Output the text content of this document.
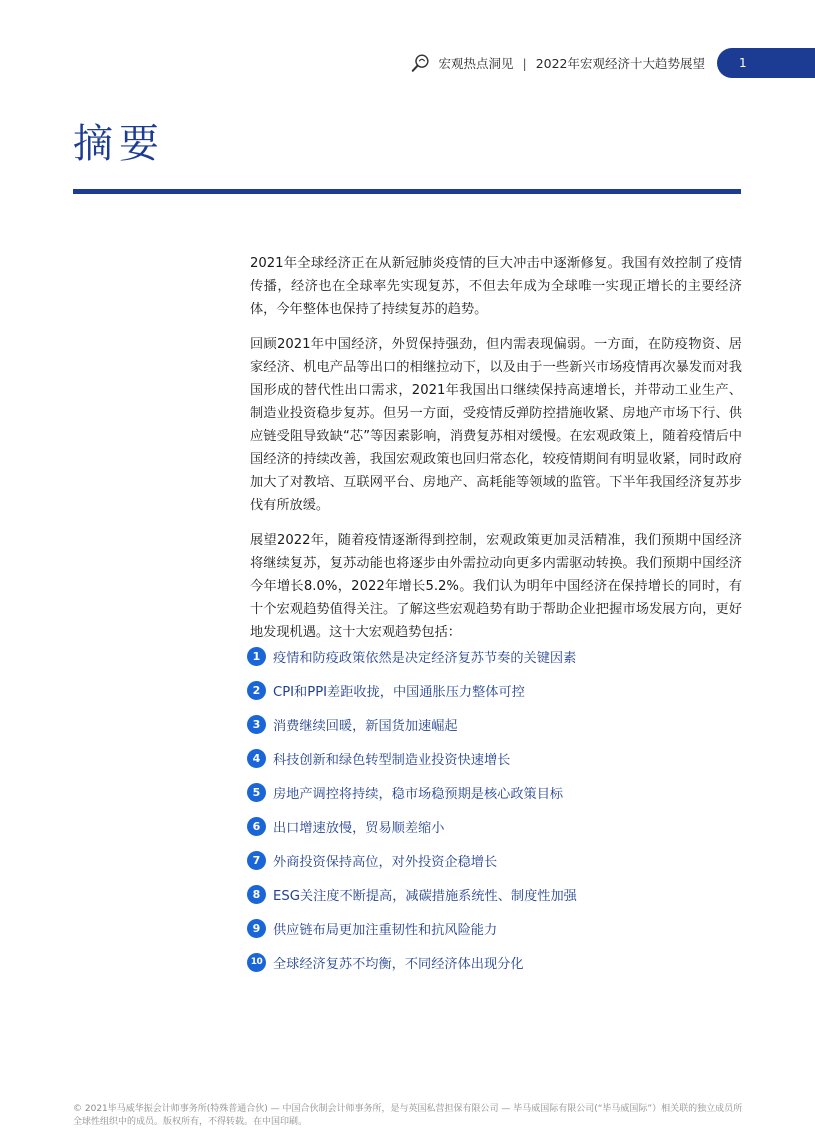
宏观热点洞见 | 2022年宏观经济十大趋势展望	1
摘要

2021年全球经济正在从新冠肺炎疫情的巨大冲击中逐渐修复。我国有效控制了疫情传播，经济也在全球率先实现复苏，不但去年成为全球唯一实现正增长的主要经济体，今年整体也保持了持续复苏的趋势。

回顾2021年中国经济，外贸保持强劲，但内需表现偏弱。一方面，在防疫物资、居家经济、机电产品等出口的相继拉动下，以及由于一些新兴市场疫情再次暴发而对我国形成的替代性出口需求，2021年我国出口继续保持高速增长，并带动工业生产、制造业投资稳步复苏。但另一方面，受疫情反弹防控措施收紧、房地产市场下行、供应链受阻导致缺“芯”等因素影响，消费复苏相对缓慢。在宏观政策上，随着疫情后中国经济的持续改善，我国宏观政策也回归常态化，较疫情期间有明显收紧，同时政府加大了对教培、互联网平台、房地产、高耗能等领域的监管。下半年我国经济复苏步伐有所放缓。

展望2022年，随着疫情逐渐得到控制，宏观政策更加灵活精准，我们预期中国经济将继续复苏，复苏动能也将逐步由外需拉动向更多内需驱动转换。我们预期中国经济今年增长8.0%，2022年增长5.2%。我们认为明年中国经济在保持增长的同时，有十个宏观趋势值得关注。了解这些宏观趋势有助于帮助企业把握市场发展方向，更好地发现机遇。这十大宏观趋势包括：

1 疫情和防疫政策依然是决定经济复苏节奏的关键因素
2 CPI和PPI差距收拢，中国通胀压力整体可控
3 消费继续回暖，新国货加速崛起
4 科技创新和绿色转型制造业投资快速增长
5 房地产调控将持续，稳市场稳预期是核心政策目标
6 出口增速放慢，贸易顺差缩小
7 外商投资保持高位，对外投资企稳增长
8 ESG关注度不断提高，减碳措施系统性、制度性加强
9 供应链布局更加注重韧性和抗风险能力
10 全球经济复苏不均衡，不同经济体出现分化
© 2021毕马威华振会计师事务所(特殊普通合伙) — 中国合伙制会计师事务所，是与英国私营担保有限公司 — 毕马威国际有限公司(“毕马威国际”）相关联的独立成员所全球性组织中的成员。版权所有，不得转载。在中国印刷。
